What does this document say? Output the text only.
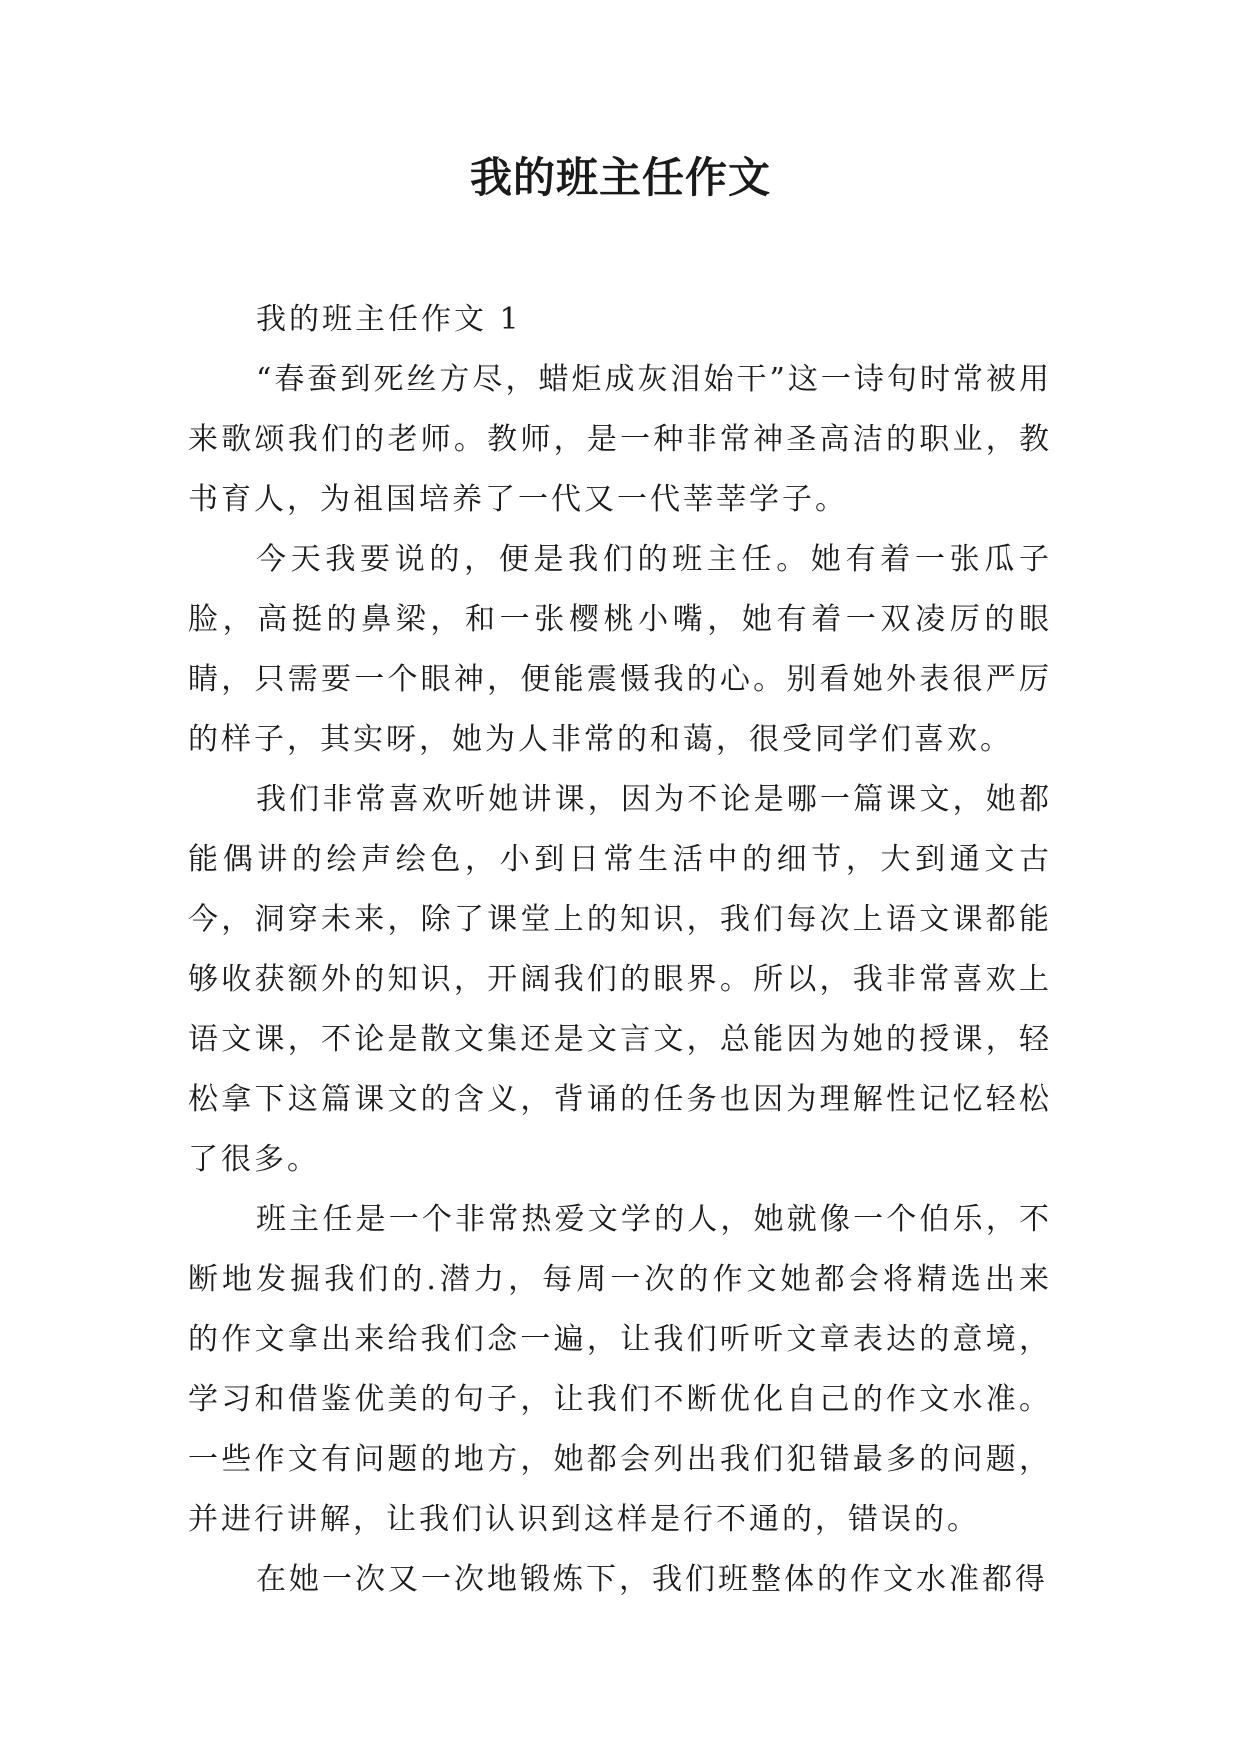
我的班主任作文

我的班主任作文 1

“春蚕到死丝方尽，蜡炬成灰泪始干”这一诗句时常被用来歌颂我们的老师。教师，是一种非常神圣高洁的职业，教书育人，为祖国培养了一代又一代莘莘学子。

今天我要说的，便是我们的班主任。她有着一张瓜子脸，高挺的鼻梁，和一张樱桃小嘴，她有着一双凌厉的眼睛，只需要一个眼神，便能震慑我的心。别看她外表很严厉的样子，其实呀，她为人非常的和蔼，很受同学们喜欢。

我们非常喜欢听她讲课，因为不论是哪一篇课文，她都能偶讲的绘声绘色，小到日常生活中的细节，大到通文古今，洞穿未来，除了课堂上的知识，我们每次上语文课都能够收获额外的知识，开阔我们的眼界。所以，我非常喜欢上语文课，不论是散文集还是文言文，总能因为她的授课，轻松拿下这篇课文的含义，背诵的任务也因为理解性记忆轻松了很多。

班主任是一个非常热爱文学的人，她就像一个伯乐，不断地发掘我们的.潜力，每周一次的作文她都会将精选出来的作文拿出来给我们念一遍，让我们听听文章表达的意境，学习和借鉴优美的句子，让我们不断优化自己的作文水准。一些作文有问题的地方，她都会列出我们犯错最多的问题，并进行讲解，让我们认识到这样是行不通的，错误的。

在她一次又一次地锻炼下，我们班整体的作文水准都得
